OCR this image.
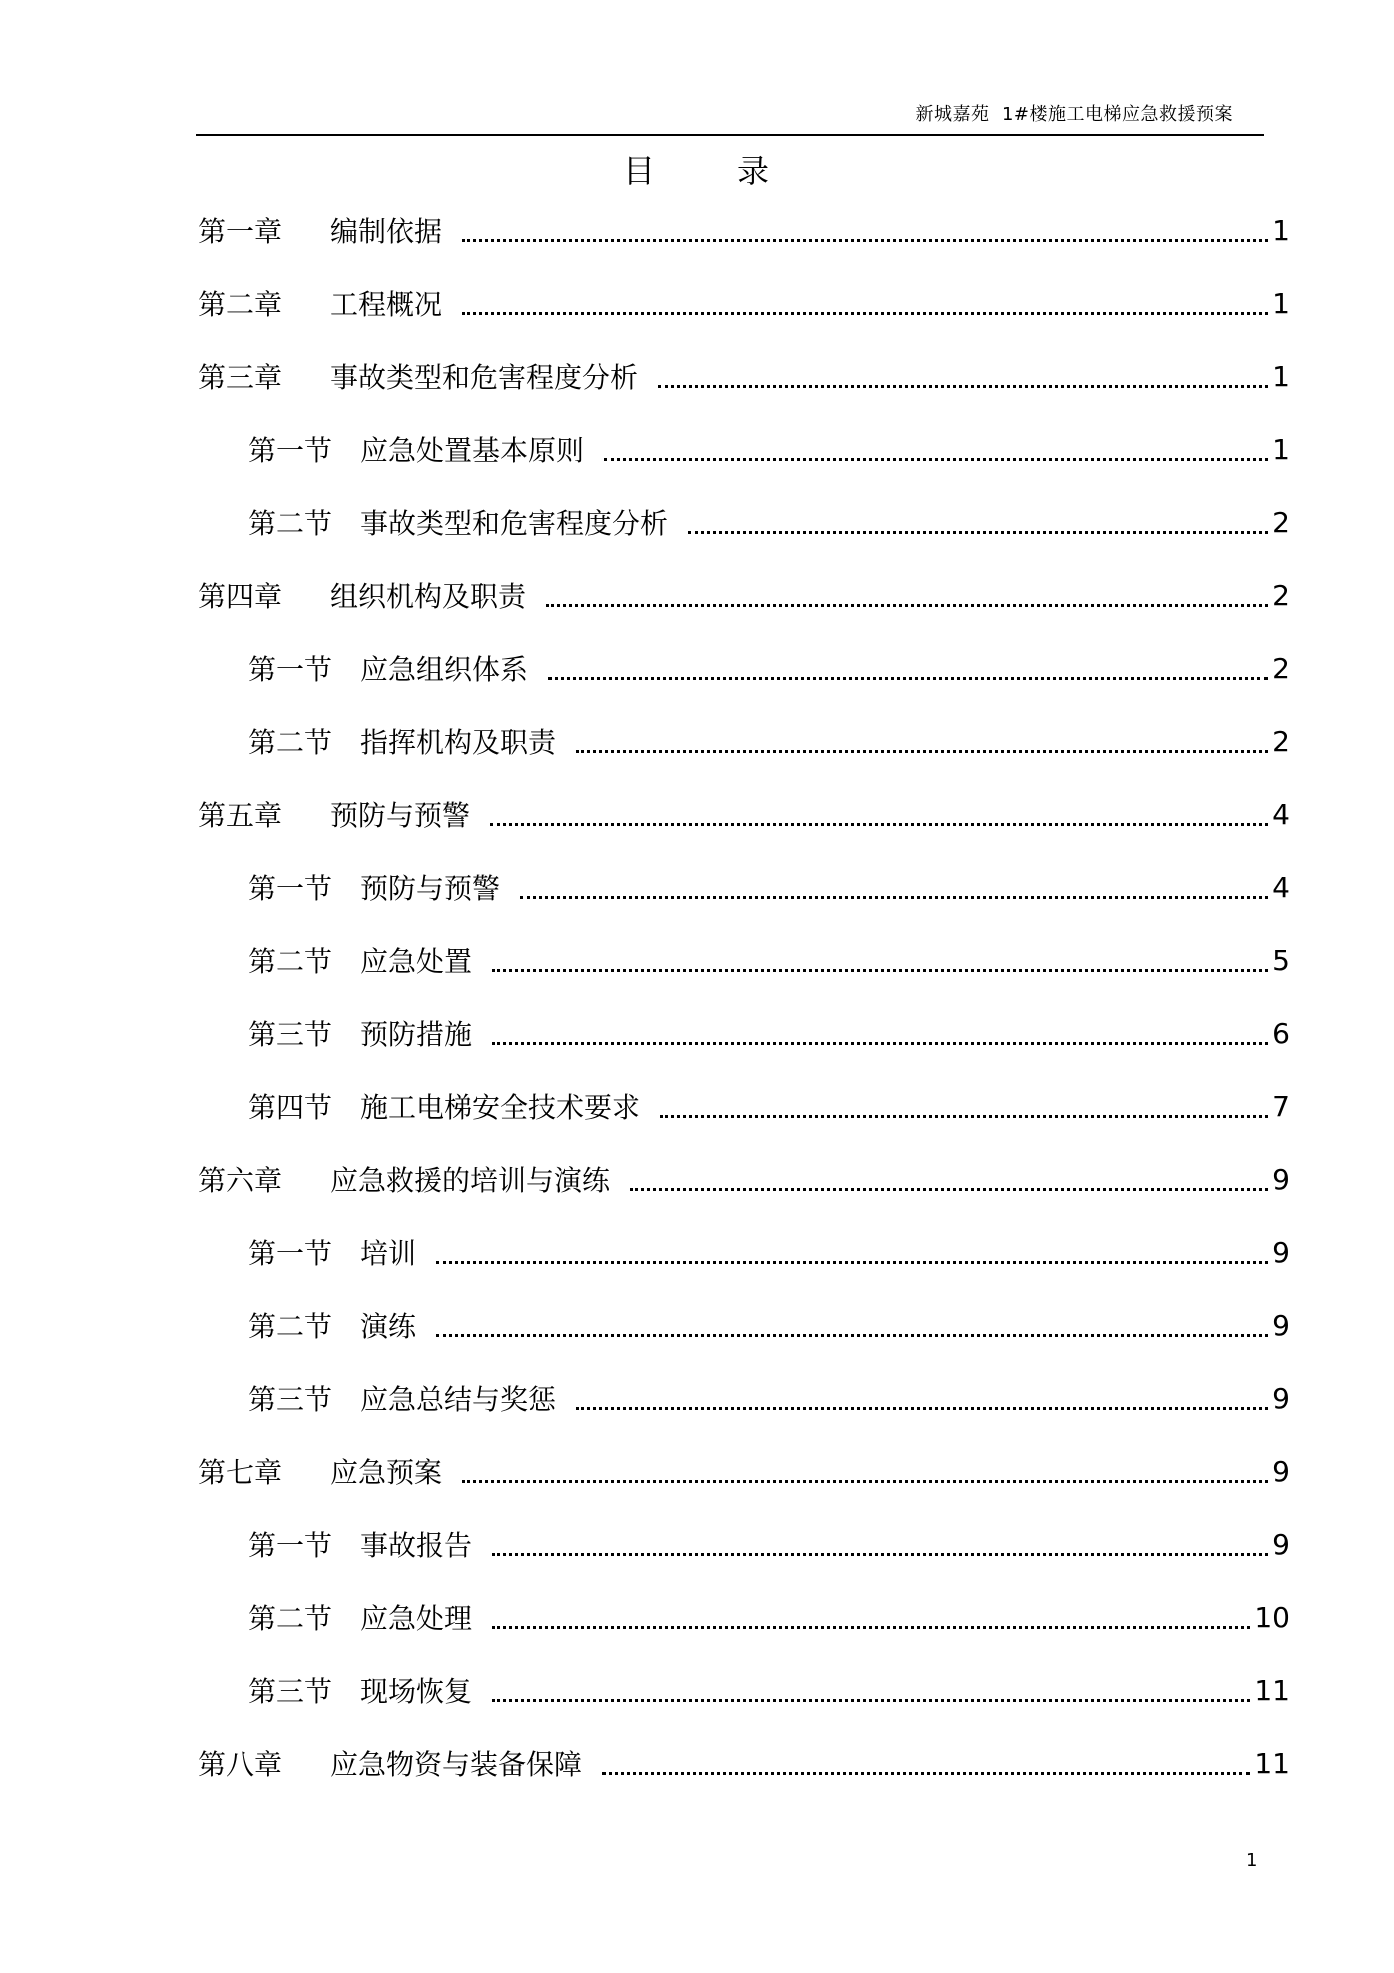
新城嘉苑  1#楼施工电梯应急救援预案
目	录
第一章	编制依据	1
第二章	工程概况	1
第三章	事故类型和危害程度分析	1
第一节 应急处置基本原则	1
第二节 事故类型和危害程度分析	2
第四章	组织机构及职责	2
第一节 应急组织体系	2
第二节 指挥机构及职责	2
第五章	预防与预警	4
第一节 预防与预警	4
第二节 应急处置	5
第三节 预防措施	6
第四节 施工电梯安全技术要求	7
第六章	应急救援的培训与演练	9
第一节 培训	9
第二节 演练	9
第三节 应急总结与奖惩	9
第七章	应急预案	9
第一节 事故报告	9
第二节 应急处理	10
第三节 现场恢复	11
第八章	应急物资与装备保障	11
1
